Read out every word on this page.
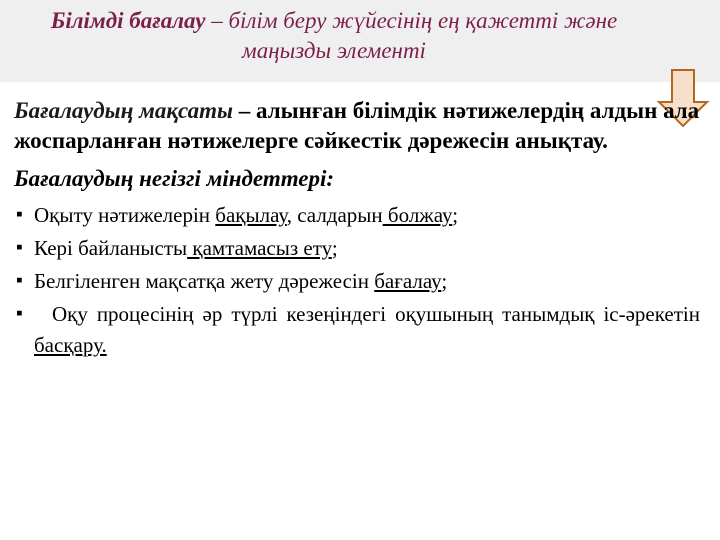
Білімді бағалау – білім беру жүйесінің ең қажетті және маңызды элементі

Бағалаудың мақсаты – алынған білімдік нәтижелердің алдын ала жоспарланған нәтижелерге сәйкестік дәрежесін анықтау.

Бағалаудың негізгі міндеттері:

▪ Оқыту нәтижелерін бақылау, салдарын болжау;
▪ Кері байланысты қамтамасыз ету;
▪ Белгіленген мақсатқа жету дәрежесін бағалау;
▪ Оқу процесінің әр түрлі кезеңіндегі оқушының танымдық іс-әрекетін басқару.
